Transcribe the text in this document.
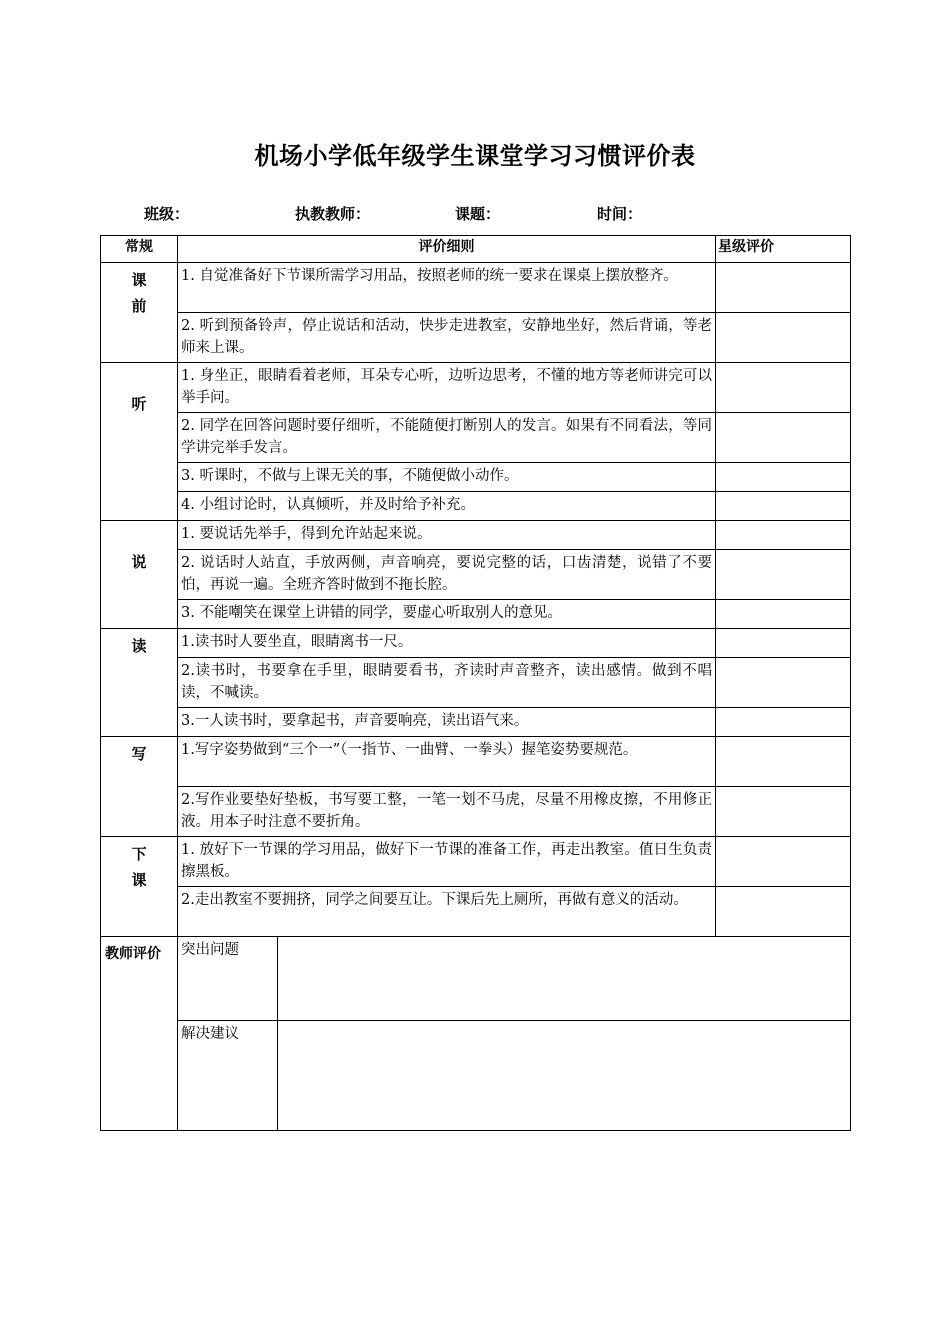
机场小学低年级学生课堂学习习惯评价表
班级：	执教教师：	课题：	时间：
常规	评价细则		星级评价

课
前	1. 自觉准备好下节课所需学习用品，按照老师的统一要求在课桌上摆放整齐。		
	2. 听到预备铃声，停止说话和活动，快步走进教室，安静地坐好，然后背诵，等老师来上课。		

听	1. 身坐正，眼睛看着老师，耳朵专心听，边听边思考，不懂的地方等老师讲完可以举手问。		
	2. 同学在回答问题时要仔细听，不能随便打断别人的发言。如果有不同看法，等同学讲完举手发言。		
	3. 听课时，不做与上课无关的事，不随便做小动作。		
	4. 小组讨论时，认真倾听，并及时给予补充。		

说	1. 要说话先举手，得到允许站起来说。		
	2. 说话时人站直，手放两侧，声音响亮，要说完整的话，口齿清楚，说错了不要怕，再说一遍。全班齐答时做到不拖长腔。		
	3. 不能嘲笑在课堂上讲错的同学，要虚心听取别人的意见。		

读	1.读书时人要坐直，眼睛离书一尺。		
	2.读书时，书要拿在手里，眼睛要看书，齐读时声音整齐，读出感情。做到不唱读，不喊读。		
	3.一人读书时，要拿起书，声音要响亮，读出语气来。		

写	1.写字姿势做到“三个一”（一指节、一曲臂、一拳头）握笔姿势要规范。		
	2.写作业要垫好垫板，书写要工整，一笔一划不马虎，尽量不用橡皮擦，不用修正液。用本子时注意不要折角。		

下
课	1. 放好下一节课的学习用品，做好下一节课的准备工作，再走出教室。值日生负责擦黑板。		
	2.走出教室不要拥挤，同学之间要互让。下课后先上厕所，再做有意义的活动。		
教师评价	突出问题		
	解决建议		
